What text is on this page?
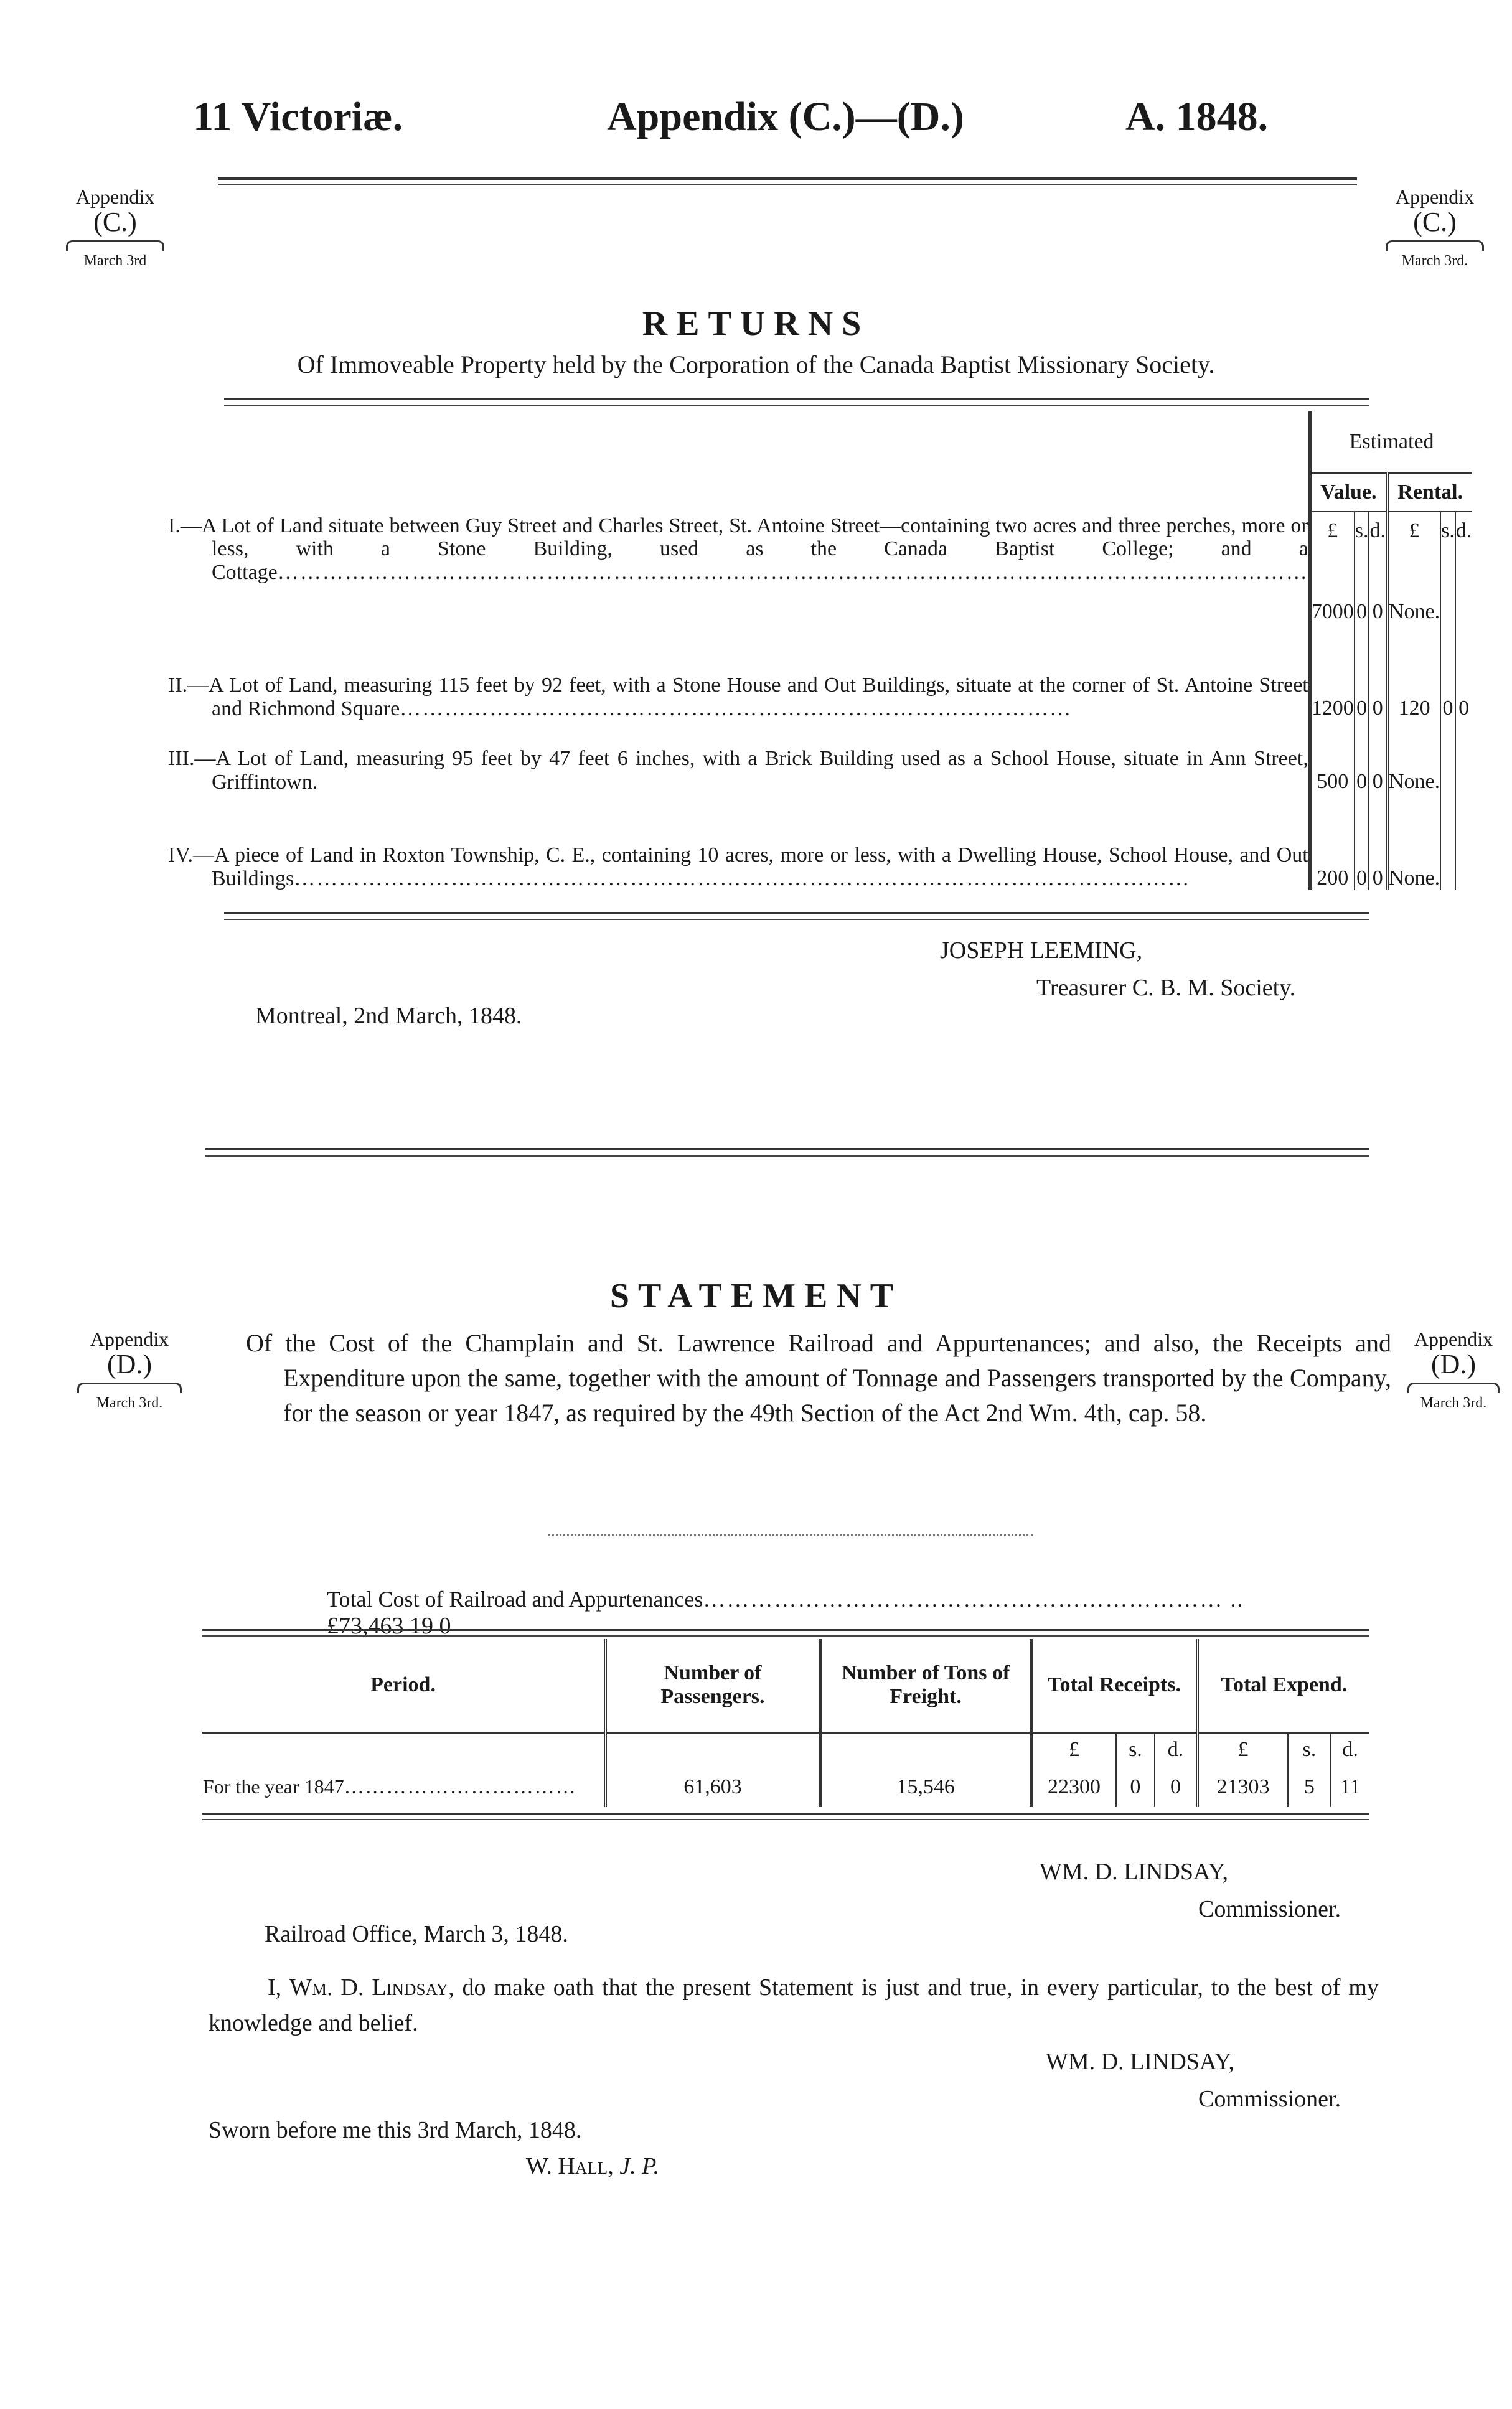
11 Victoriæ.	Appendix (C.)—(D.)	A. 1848.
Appendix
(C.)
March 3rd
Appendix
(C.)
March 3rd.
RETURNS
Of Immoveable Property held by the Corporation of the Canada Baptist Missionary Society.
		Estimated						
		Value.				Rental.		
I.—A Lot of Land situate between Guy Street and Charles Street, St. Antoine Street—containing two acres and three perches, more or less, with a Stone Building, used as the Canada Baptist College; and a Cottage…………………………………………………………………………………………………………………………		£	s.	d.		£	s.	d.
		7000	0	0		None.		
II.—A Lot of Land, measuring 115 feet by 92 feet, with a Stone House and Out Buildings, situate at the corner of St. Antoine Street and Richmond Square………………………………………………………………………………		1200	0	0		120	0	0
III.—A Lot of Land, measuring 95 feet by 47 feet 6 inches, with a Brick Building used as a School House, situate in Ann Street, Griffintown.		500	0	0		None.		
IV.—A piece of Land in Roxton Township, C. E., containing 10 acres, more or less, with a Dwelling House, School House, and Out Buildings…………………………………………………………………………………………………………		200	0	0		None.		
JOSEPH LEEMING,
Treasurer C. B. M. Society.
Montreal, 2nd March, 1848.
STATEMENT
Appendix
(D.)
March 3rd.
Appendix
(D.)
March 3rd.
Of the Cost of the Champlain and St. Lawrence Railroad and Appurtenances; and also, the Receipts and Expenditure upon the same, together with the amount of Tonnage and Passengers transported by the Company, for the season or year 1847, as required by the 49th Section of the Act 2nd Wm. 4th, cap. 58.
Total Cost of Railroad and Appurtenances………………………………………………………… .. £73,463 19 0
Period.	Number of Passengers.	Number of Tons of Freight.	Total Receipts.			Total Expend.		
			£	s.	d.	£	s.	d.
For the year 1847……………………………	61,603	15,546	22300	0	0	21303	5	11
WM. D. LINDSAY,
Commissioner.
Railroad Office, March 3, 1848.
I, Wm. D. Lindsay, do make oath that the present Statement is just and true, in every particular, to the best of my knowledge and belief.
WM. D. LINDSAY,
Commissioner.
Sworn before me this 3rd March, 1848.
W. Hall, J. P.
